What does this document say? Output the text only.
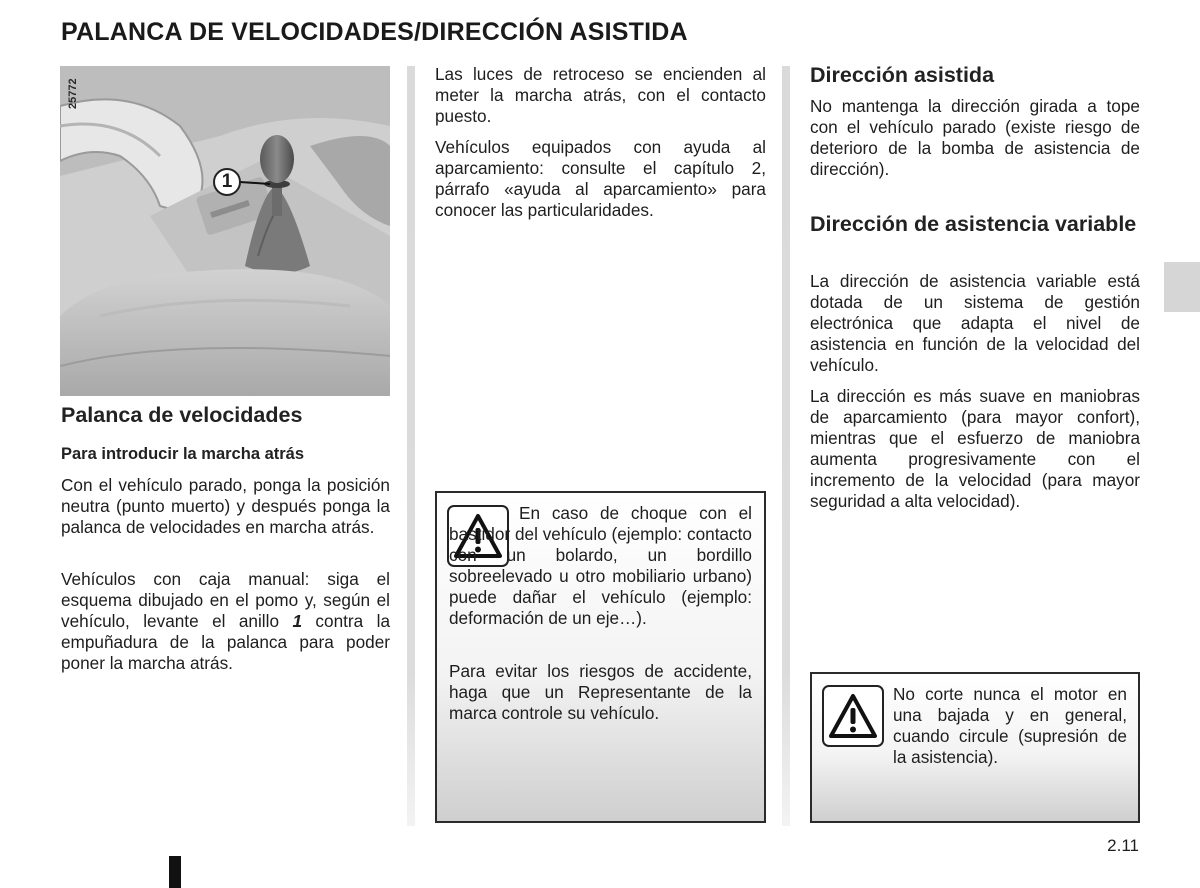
PALANCA DE VELOCIDADES/DIRECCIÓN ASISTIDA
25772
1
Palanca de velocidades
Para introducir la marcha atrás

Con el vehículo parado, ponga la posición neutra (punto muerto) y después ponga la palanca de velocidades en marcha atrás.

Vehículos con caja manual: siga el esquema dibujado en el pomo y, según el vehículo, levante el anillo 1 contra la empuñadura de la palanca para poder poner la marcha atrás.

Las luces de retroceso se encienden al meter la marcha atrás, con el contacto puesto.

Vehículos equipados con ayuda al aparcamiento: consulte el capítulo 2, párrafo «ayuda al aparcamiento» para conocer las particularidades.

En caso de choque con el bastidor del vehículo (ejemplo: contacto con un bolardo, un bordillo sobreelevado u otro mobiliario urbano) puede dañar el vehículo (ejemplo: deformación de un eje…).

Para evitar los riesgos de accidente, haga que un Representante de la marca controle su vehículo.

Dirección asistida

No mantenga la dirección girada a tope con el vehículo parado (existe riesgo de deterioro de la bomba de asistencia de dirección).

Dirección de asistencia variable

La dirección de asistencia variable está dotada de un sistema de gestión electrónica que adapta el nivel de asistencia en función de la velocidad del vehículo.

La dirección es más suave en maniobras de aparcamiento (para mayor confort), mientras que el esfuerzo de maniobra aumenta progresivamente con el incremento de la velocidad (para mayor seguridad a alta velocidad).

No corte nunca el motor en una bajada y en general, cuando circule (supresión de la asistencia).

2.11
